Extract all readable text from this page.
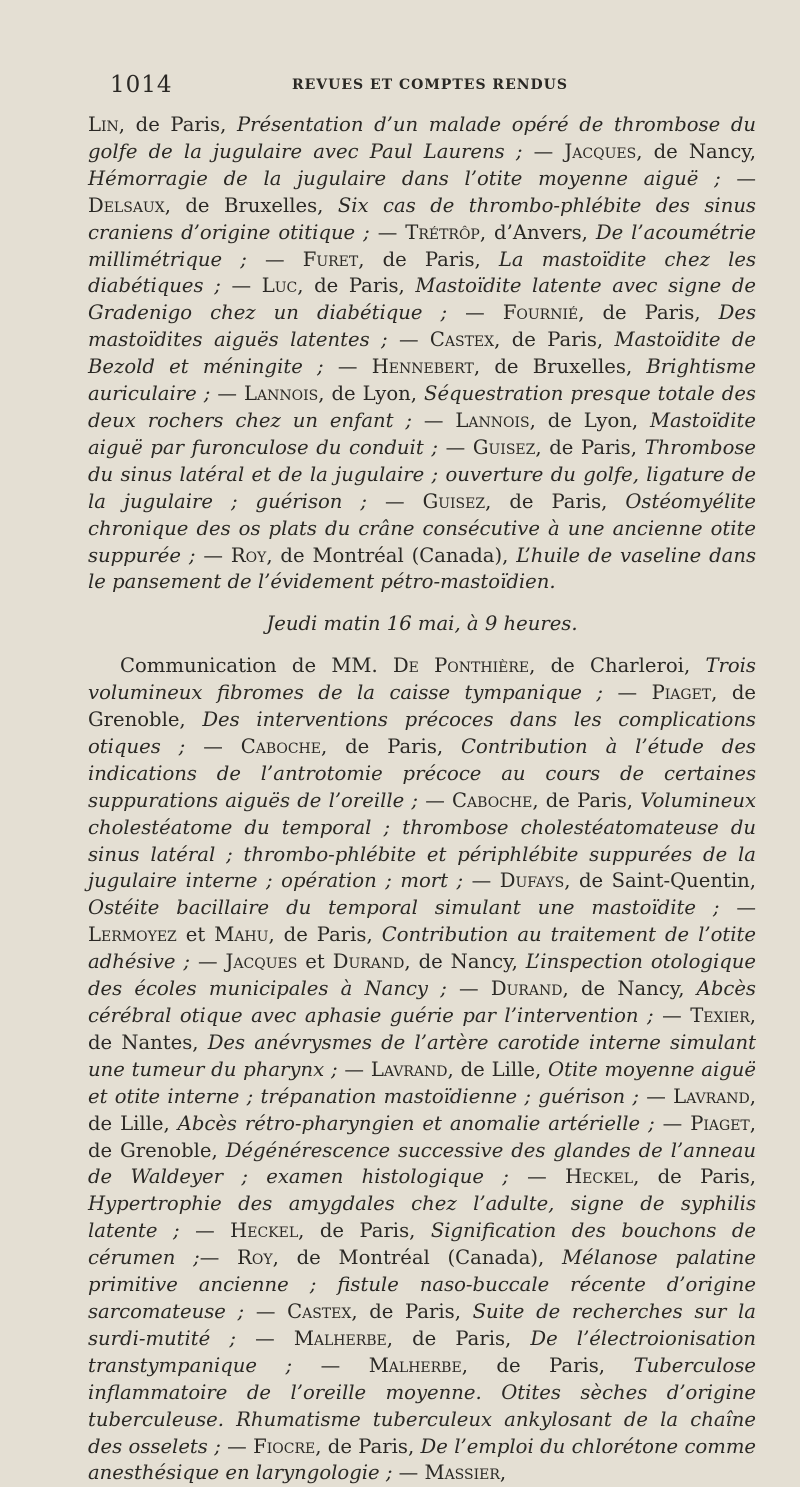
1014	REVUES ET COMPTES RENDUS

Lin, de Paris, Présentation d’un malade opéré de thrombose du golfe de la jugulaire avec Paul Laurens ; — Jacques, de Nancy, Hémorragie de la jugulaire dans l’otite moyenne aiguë ; — Delsaux, de Bruxelles, Six cas de thrombo-phlébite des sinus craniens d’origine otitique ; — Trétrôp, d’Anvers, De l’acoumétrie millimétrique ; — Furet, de Paris, La mastoïdite chez les diabétiques ; — Luc, de Paris, Mastoïdite latente avec signe de Gradenigo chez un diabétique ; — Fournié, de Paris, Des mastoïdites aiguës latentes ; — Castex, de Paris, Mastoïdite de Bezold et méningite ; — Hennebert, de Bruxelles, Brightisme auriculaire ; — Lannois, de Lyon, Séquestration presque totale des deux rochers chez un enfant ; — Lannois, de Lyon, Mastoïdite aiguë par furonculose du conduit ; — Guisez, de Paris, Thrombose du sinus latéral et de la jugulaire ; ouverture du golfe, ligature de la jugulaire ; guérison ; — Guisez, de Paris, Ostéomyélite chronique des os plats du crâne consécutive à une ancienne otite suppurée ; — Roy, de Montréal (Canada), L’huile de vaseline dans le pansement de l’évidement pétro-mastoïdien.

Jeudi matin 16 mai, à 9 heures.

Communication de MM. De Ponthière, de Charleroi, Trois volumineux fibromes de la caisse tympanique ; — Piaget, de Grenoble, Des interventions précoces dans les complications otiques ; — Caboche, de Paris, Contribution à l’étude des indications de l’antrotomie précoce au cours de certaines suppurations aiguës de l’oreille ; — Caboche, de Paris, Volumineux cholestéatome du temporal ; thrombose cholestéatomateuse du sinus latéral ; thrombo-phlébite et périphlébite suppurées de la jugulaire interne ; opération ; mort ; — Dufays, de Saint-Quentin, Ostéite bacillaire du temporal simulant une mastoïdite ; — Lermoyez et Mahu, de Paris, Contribution au traitement de l’otite adhésive ; — Jacques et Durand, de Nancy, L’inspection otologique des écoles municipales à Nancy ; — Durand, de Nancy, Abcès cérébral otique avec aphasie guérie par l’intervention ; — Texier, de Nantes, Des anévrysmes de l’artère carotide interne simulant une tumeur du pharynx ; — Lavrand, de Lille, Otite moyenne aiguë et otite interne ; trépanation mastoïdienne ; guérison ; — Lavrand, de Lille, Abcès rétro-pharyngien et anomalie artérielle ; — Piaget, de Grenoble, Dégénérescence successive des glandes de l’anneau de Waldeyer ; examen histologique ; — Heckel, de Paris, Hypertrophie des amygdales chez l’adulte, signe de syphilis latente ; — Heckel, de Paris, Signification des bouchons de cérumen ;— Roy, de Montréal (Canada), Mélanose palatine primitive ancienne ; fistule naso-buccale récente d’origine sarcomateuse ; — Castex, de Paris, Suite de recherches sur la surdi-mutité ; — Malherbe, de Paris, De l’électroionisation transtympanique ; — Malherbe, de Paris, Tuberculose inflammatoire de l’oreille moyenne. Otites sèches d’origine tuberculeuse. Rhumatisme tuberculeux ankylosant de la chaîne des osselets ; — Fiocre, de Paris, De l’emploi du chlorétone comme anesthésique en laryngologie ; — Massier,
